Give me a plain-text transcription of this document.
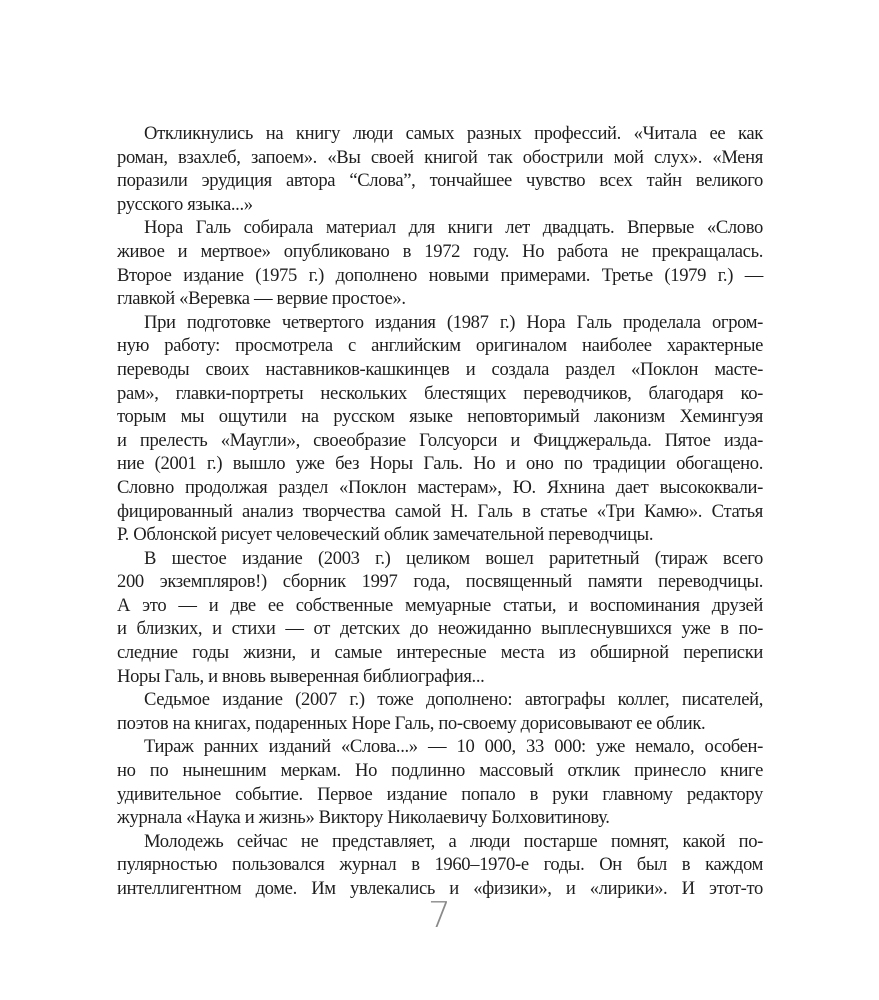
Откликнулись на книгу люди самых разных профессий. «Читала ее как
роман, взахлеб, запоем». «Вы своей книгой так обострили мой слух». «Меня
поразили эрудиция автора “Слова”, тончайшее чувство всех тайн великого
русского языка...»
Нора Галь собирала материал для книги лет двадцать. Впервые «Слово
живое и мертвое» опубликовано в 1972 году. Но работа не прекращалась.
Второе издание (1975 г.) дополнено новыми примерами. Третье (1979 г.) —
главкой «Веревка — вервие простое».
При подготовке четвертого издания (1987 г.) Нора Галь проделала огром-
ную работу: просмотрела с английским оригиналом наиболее характерные
переводы своих наставников-кашкинцев и создала раздел «Поклон масте-
рам», главки-портреты нескольких блестящих переводчиков, благодаря ко-
торым мы ощутили на русском языке неповторимый лаконизм Хемингуэя
и прелесть «Маугли», своеобразие Голсуорси и Фицджеральда. Пятое изда-
ние (2001 г.) вышло уже без Норы Галь. Но и оно по традиции обогащено.
Словно продолжая раздел «Поклон мастерам», Ю. Яхнина дает высококвали-
фицированный анализ творчества самой Н. Галь в статье «Три Камю». Статья
Р. Облонской рисует человеческий облик замечательной переводчицы.
В шестое издание (2003 г.) целиком вошел раритетный (тираж всего
200 экземпляров!) сборник 1997 года, посвященный памяти переводчицы.
А это — и две ее собственные мемуарные статьи, и воспоминания друзей
и близких, и стихи — от детских до неожиданно выплеснувшихся уже в по-
следние годы жизни, и самые интересные места из обширной переписки
Норы Галь, и вновь выверенная библиография...
Седьмое издание (2007 г.) тоже дополнено: автографы коллег, писателей,
поэтов на книгах, подаренных Норе Галь, по-своему дорисовывают ее облик.
Тираж ранних изданий «Слова...» — 10 000, 33 000: уже немало, особен-
но по нынешним меркам. Но подлинно массовый отклик принесло книге
удивительное событие. Первое издание попало в руки главному редактору
журнала «Наука и жизнь» Виктору Николаевичу Болховитинову.
Молодежь сейчас не представляет, а люди постарше помнят, какой по-
пулярностью пользовался журнал в 1960–1970-е годы. Он был в каждом
интеллигентном доме. Им увлекались и «физики», и «лирики». И этот-то
7
